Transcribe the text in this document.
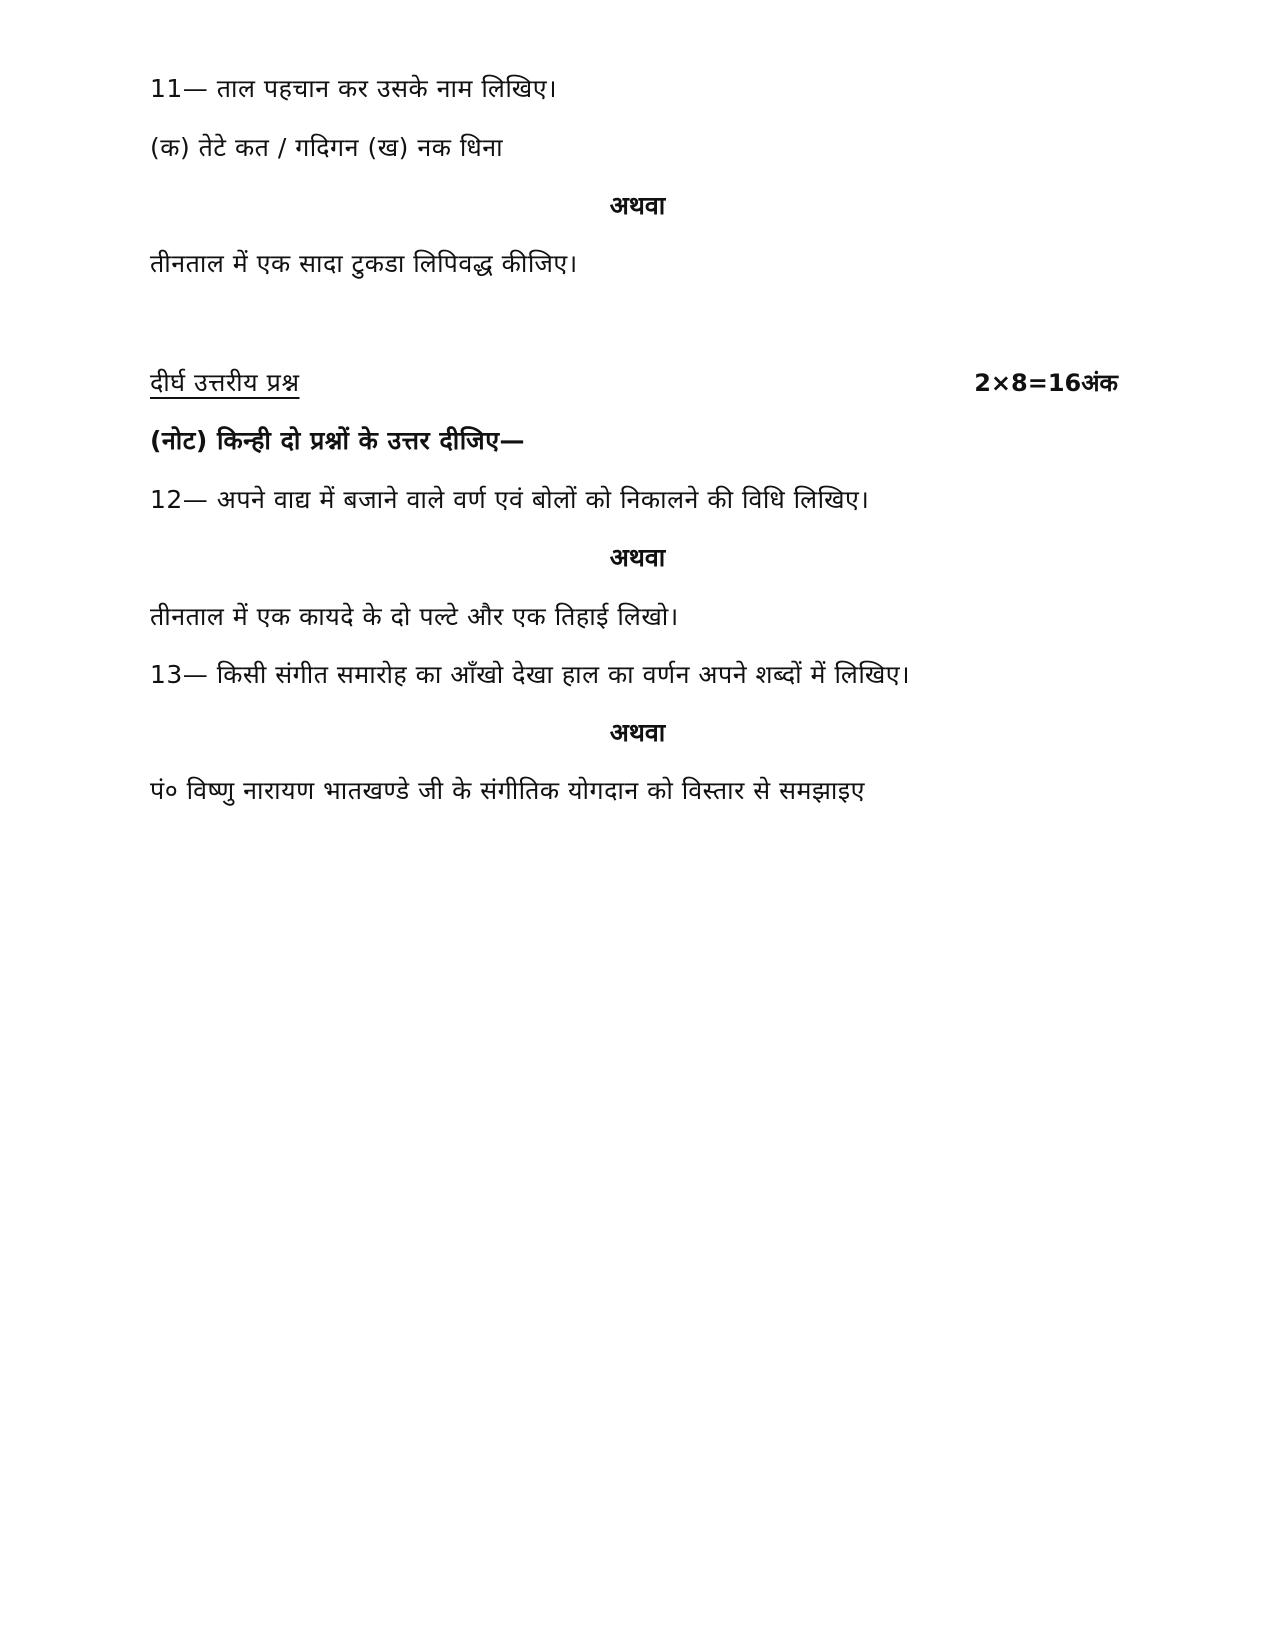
11— ताल पहचान कर उसके नाम लिखिए।
(क) तेटे कत / गदिगन (ख) नक धिना
अथवा
तीनताल में एक सादा टुकडा लिपिवद्ध कीजिए।
दीर्घ उत्तरीय प्रश्न	2×8=16अंक
(नोट) किन्ही दो प्रश्नों के उत्तर दीजिए—
12— अपने वाद्य में बजाने वाले वर्ण एवं बोलों को निकालने की विधि लिखिए।
अथवा
तीनताल में एक कायदे के दो पल्टे और एक तिहाई लिखो।
13— किसी संगीत समारोह का आँखो देखा हाल का वर्णन अपने शब्दों में लिखिए।
अथवा
पं० विष्णु नारायण भातखण्डे जी के संगीतिक योगदान को विस्तार से समझाइए
